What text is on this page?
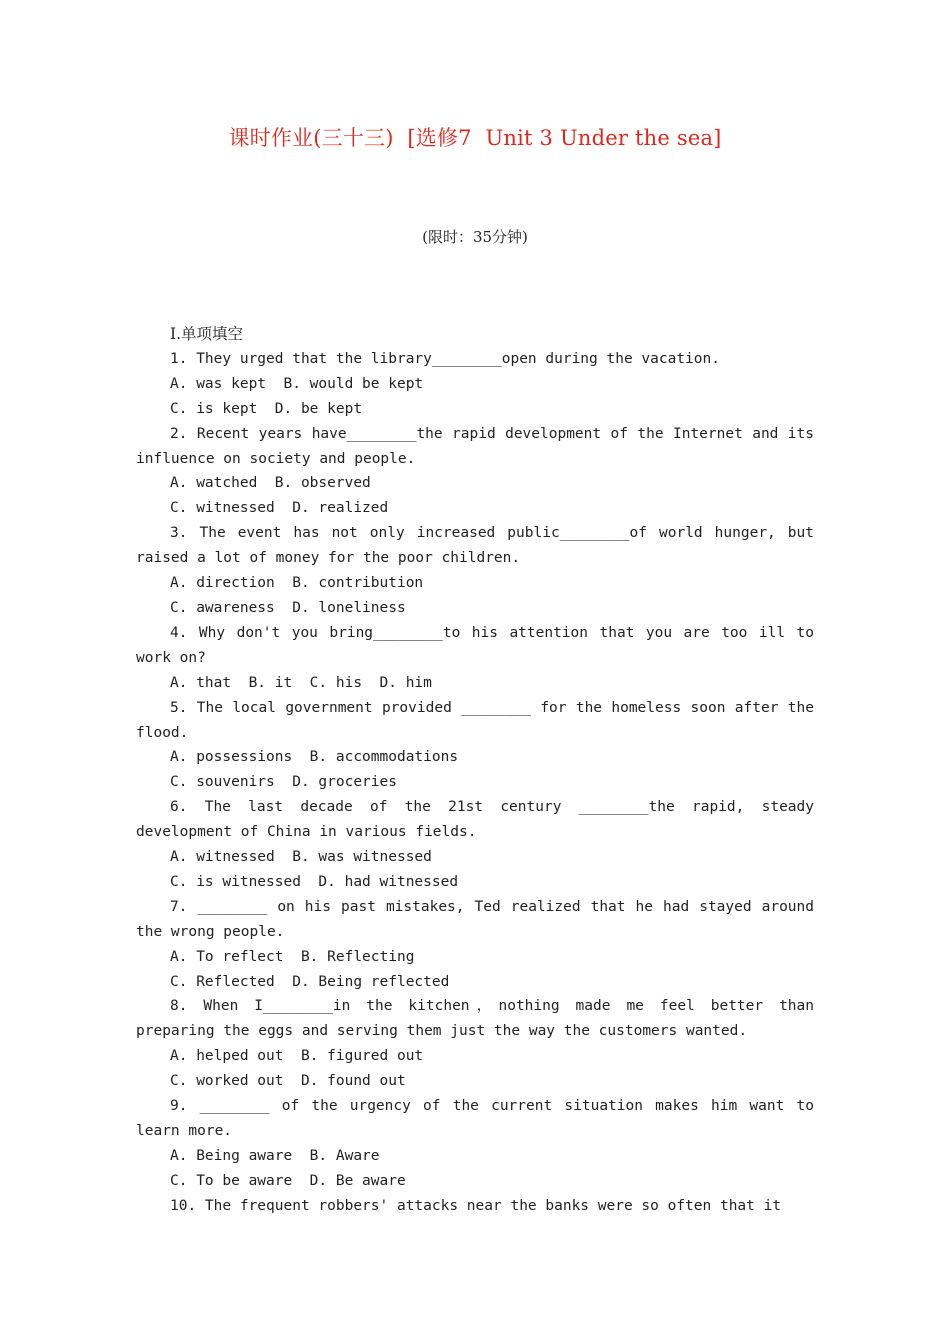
课时作业(三十三)  [选修7  Unit 3 Under the sea]
(限时：35分钟)
Ⅰ.单项填空
1. They urged that the library________open during the vacation.
A. was kept  B. would be kept
C. is kept  D. be kept
2. Recent years have________the rapid development of the Internet and its influence on society and people.
A. watched  B. observed
C. witnessed  D. realized
3. The event has not only increased public________of world hunger, but raised a lot of money for the poor children.
A. direction  B. contribution
C. awareness  D. loneliness
4. Why don't you bring________to his attention that you are too ill to work on?
A. that  B. it  C. his  D. him
5. The local government provided ________ for the homeless soon after the flood.
A. possessions  B. accommodations
C. souvenirs  D. groceries
6. The last decade of the 21st century ________the rapid, steady development of China in various fields.
A. witnessed  B. was witnessed
C. is witnessed  D. had witnessed
7. ________ on his past mistakes, Ted realized that he had stayed around the wrong people.
A. To reflect  B. Reflecting
C. Reflected  D. Being reflected
8. When I________in the kitchen，nothing made me feel better than preparing the eggs and serving them just the way the customers wanted.
A. helped out  B. figured out
C. worked out  D. found out
9. ________ of the urgency of the current situation makes him want to learn more.
A. Being aware  B. Aware
C. To be aware  D. Be aware
10. The frequent robbers' attacks near the banks were so often that it
